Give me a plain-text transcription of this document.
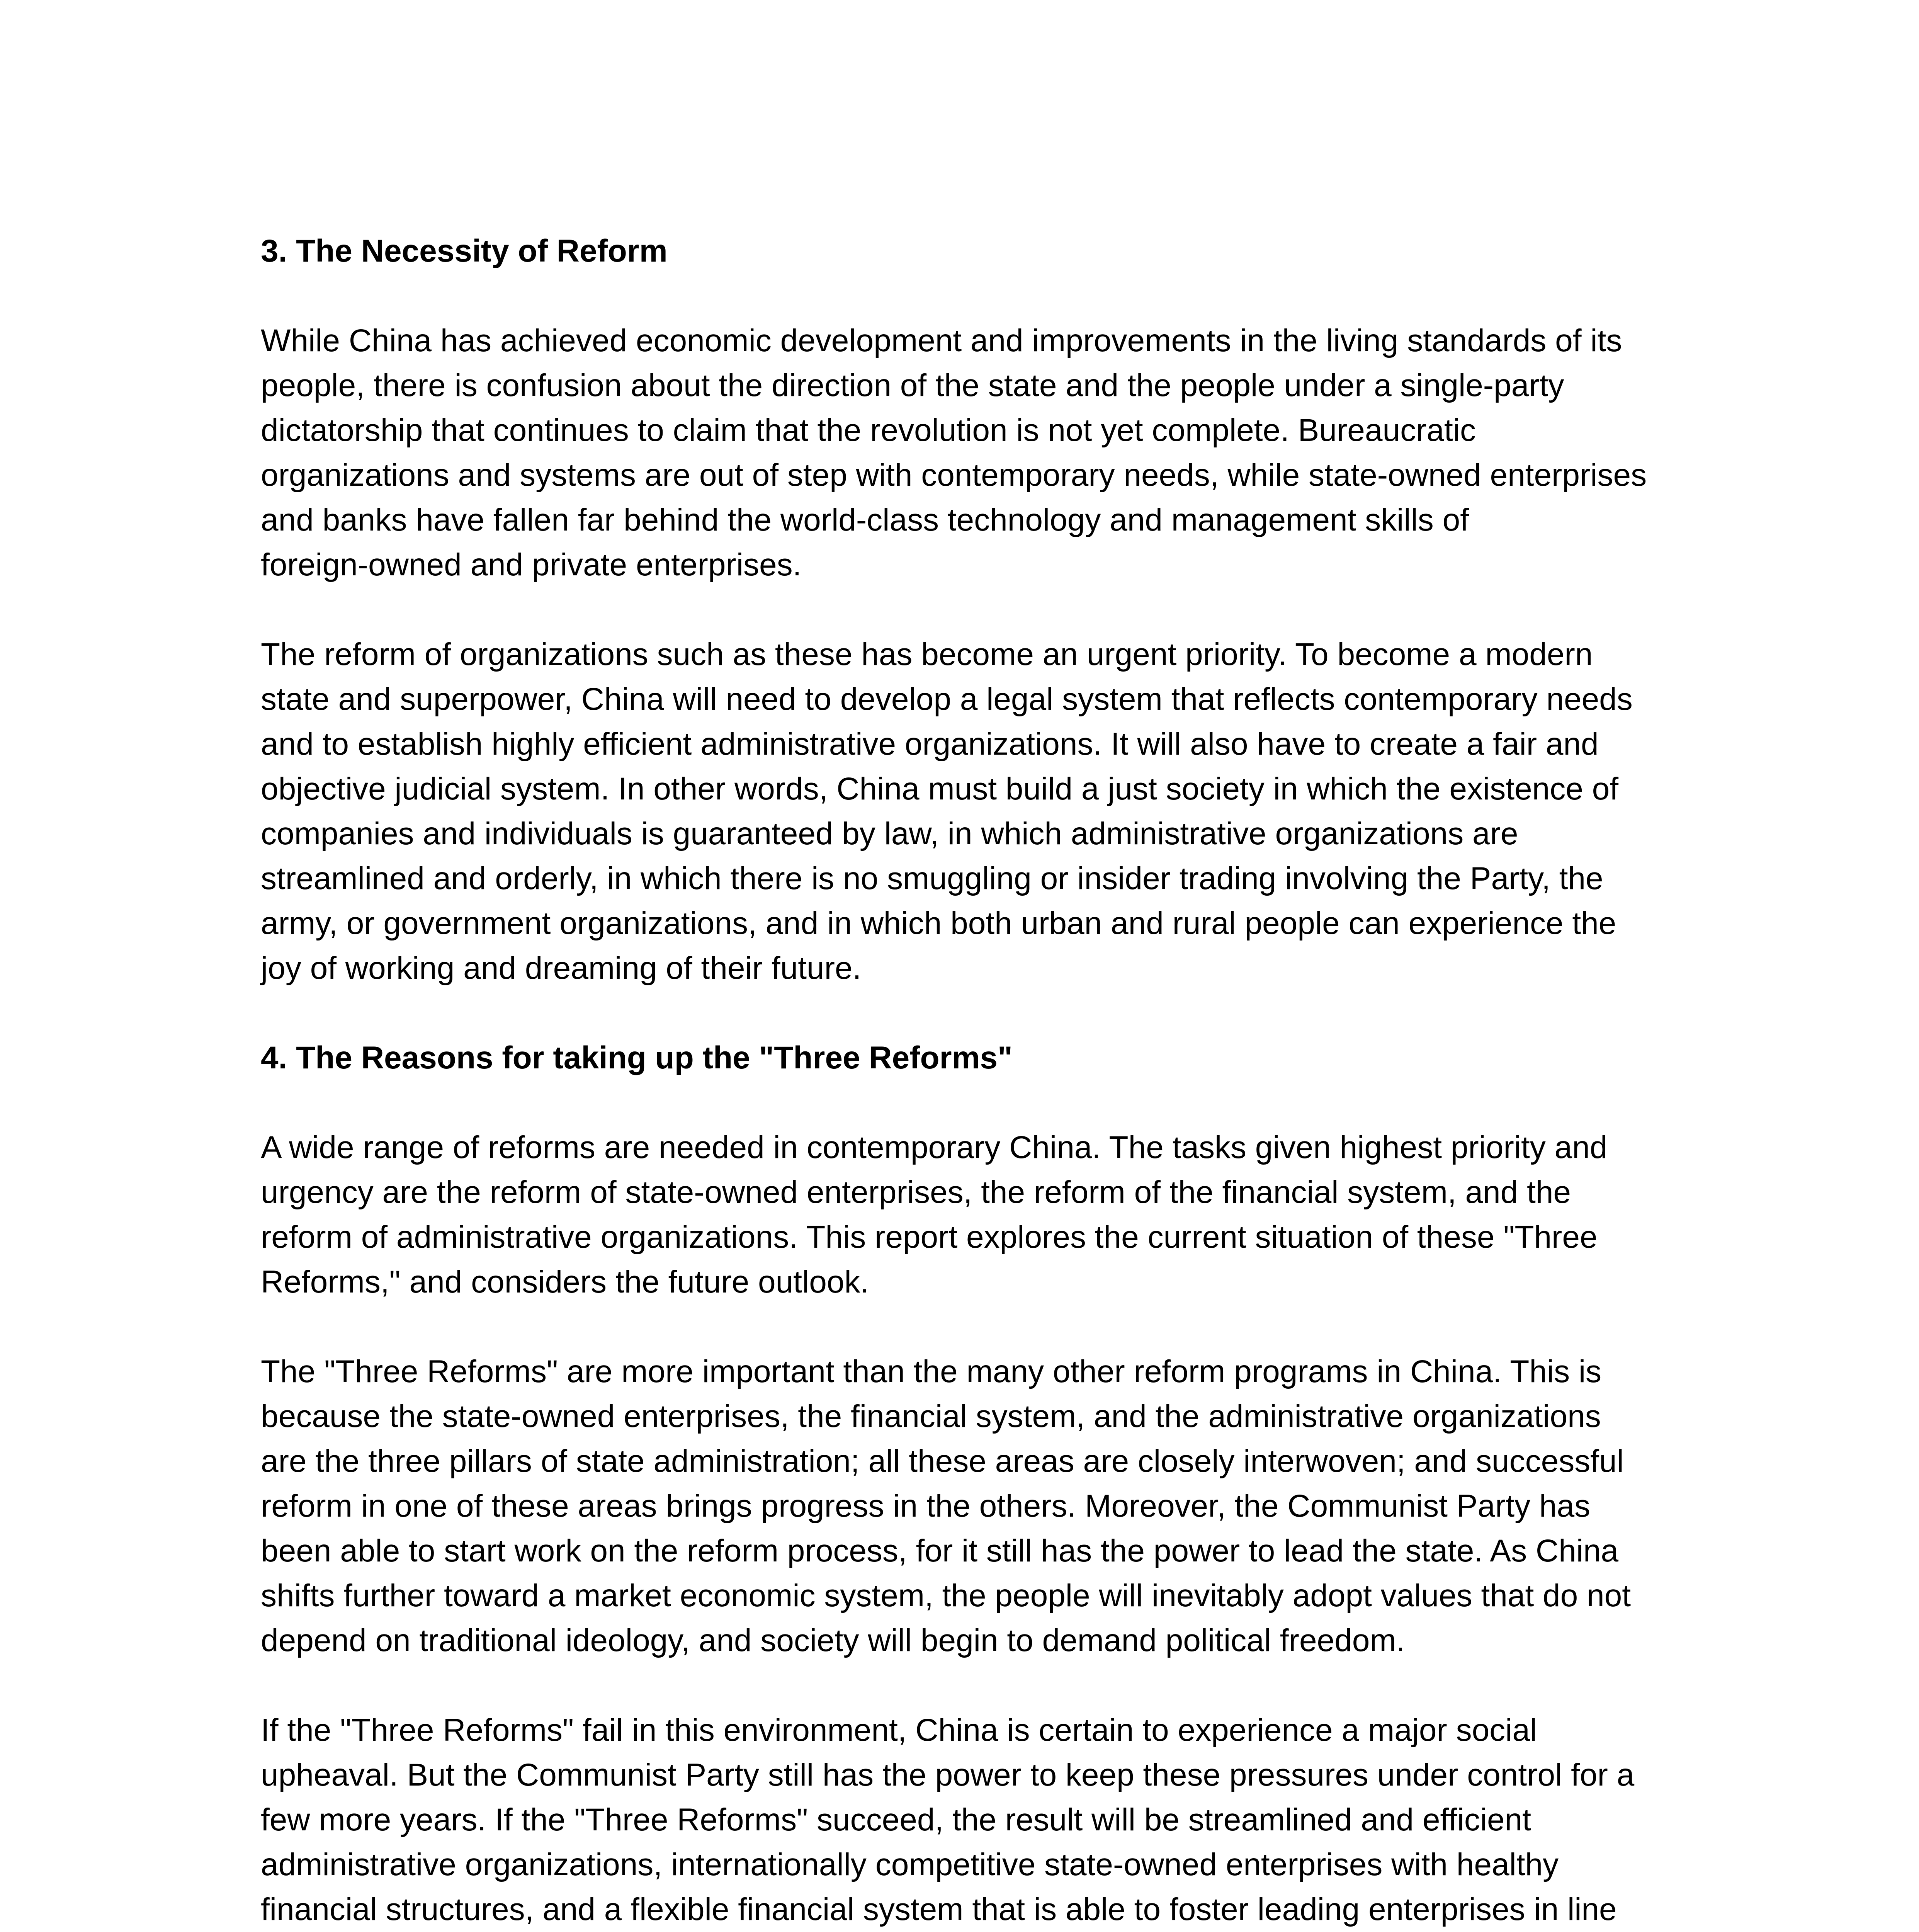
3. The Necessity of Reform

While China has achieved economic development and improvements in the living standards of its
people, there is confusion about the direction of the state and the people under a single-party
dictatorship that continues to claim that the revolution is not yet complete. Bureaucratic
organizations and systems are out of step with contemporary needs, while state-owned enterprises
and banks have fallen far behind the world-class technology and management skills of
foreign-owned and private enterprises.

The reform of organizations such as these has become an urgent priority. To become a modern
state and superpower, China will need to develop a legal system that reflects contemporary needs
and to establish highly efficient administrative organizations. It will also have to create a fair and
objective judicial system. In other words, China must build a just society in which the existence of
companies and individuals is guaranteed by law, in which administrative organizations are
streamlined and orderly, in which there is no smuggling or insider trading involving the Party, the
army, or government organizations, and in which both urban and rural people can experience the
joy of working and dreaming of their future.

4. The Reasons for taking up the "Three Reforms"

A wide range of reforms are needed in contemporary China. The tasks given highest priority and
urgency are the reform of state-owned enterprises, the reform of the financial system, and the
reform of administrative organizations. This report explores the current situation of these "Three
Reforms," and considers the future outlook.

The "Three Reforms" are more important than the many other reform programs in China. This is
because the state-owned enterprises, the financial system, and the administrative organizations
are the three pillars of state administration; all these areas are closely interwoven; and successful
reform in one of these areas brings progress in the others. Moreover, the Communist Party has
been able to start work on the reform process, for it still has the power to lead the state. As China
shifts further toward a market economic system, the people will inevitably adopt values that do not
depend on traditional ideology, and society will begin to demand political freedom.

If the "Three Reforms" fail in this environment, China is certain to experience a major social
upheaval. But the Communist Party still has the power to keep these pressures under control for a
few more years. If the "Three Reforms" succeed, the result will be streamlined and efficient
administrative organizations, internationally competitive state-owned enterprises with healthy
financial structures, and a flexible financial system that is able to foster leading enterprises in line
